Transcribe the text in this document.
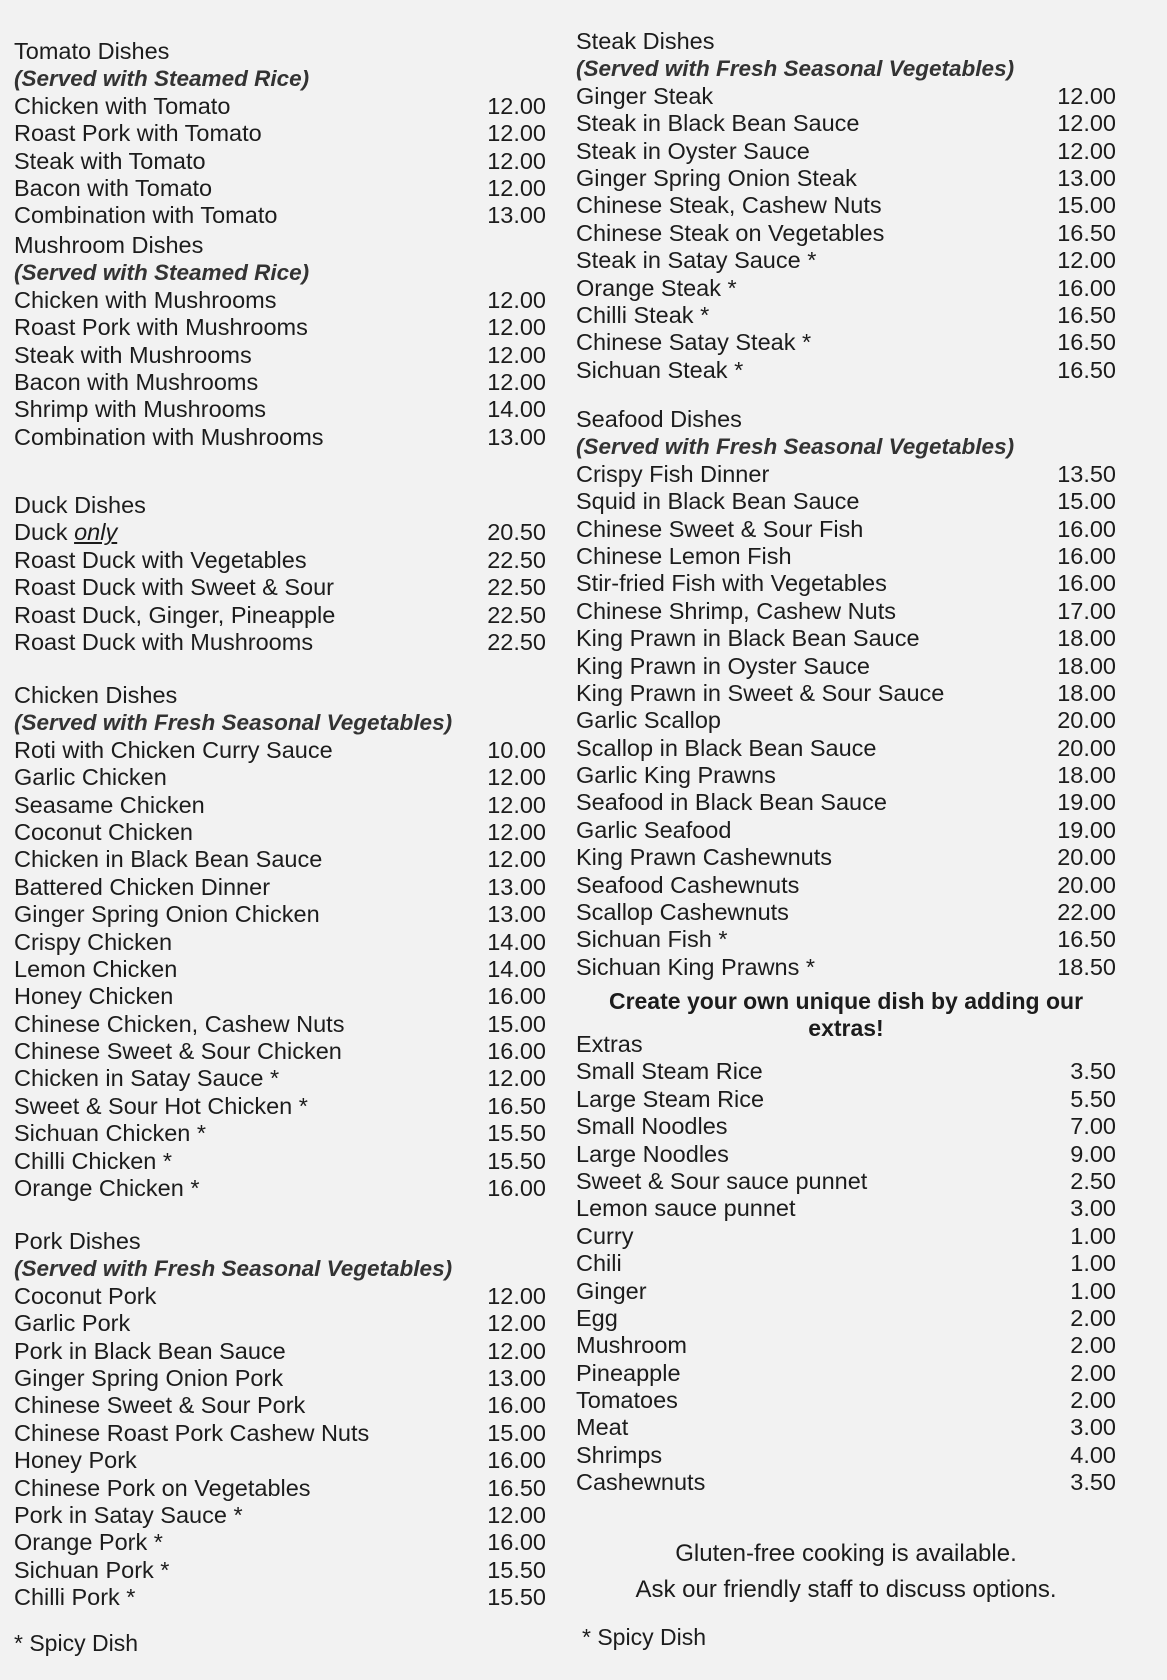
Tomato Dishes
(Served with Steamed Rice)
Chicken with Tomato	12.00
Roast Pork with Tomato	12.00
Steak with Tomato	12.00
Bacon with Tomato	12.00
Combination with Tomato	13.00
Mushroom Dishes
(Served with Steamed Rice)
Chicken with Mushrooms	12.00
Roast Pork with Mushrooms	12.00
Steak with Mushrooms	12.00
Bacon with Mushrooms	12.00
Shrimp with Mushrooms	14.00
Combination with Mushrooms	13.00
Duck Dishes
Duck only	20.50
Roast Duck with Vegetables	22.50
Roast Duck with Sweet & Sour	22.50
Roast Duck, Ginger, Pineapple	22.50
Roast Duck with Mushrooms	22.50
Chicken Dishes
(Served with Fresh Seasonal Vegetables)
Roti with Chicken Curry Sauce	10.00
Garlic Chicken	12.00
Seasame Chicken	12.00
Coconut Chicken	12.00
Chicken in Black Bean Sauce	12.00
Battered Chicken Dinner	13.00
Ginger Spring Onion Chicken	13.00
Crispy Chicken	14.00
Lemon Chicken	14.00
Honey Chicken	16.00
Chinese Chicken, Cashew Nuts	15.00
Chinese Sweet & Sour Chicken	16.00
Chicken in Satay Sauce *	12.00
Sweet & Sour Hot Chicken *	16.50
Sichuan Chicken *	15.50
Chilli Chicken *	15.50
Orange Chicken *	16.00
Pork Dishes
(Served with Fresh Seasonal Vegetables)
Coconut Pork	12.00
Garlic Pork	12.00
Pork in Black Bean Sauce	12.00
Ginger Spring Onion Pork	13.00
Chinese Sweet & Sour Pork	16.00
Chinese Roast Pork Cashew Nuts	15.00
Honey Pork	16.00
Chinese Pork on Vegetables	16.50
Pork in Satay Sauce *	12.00
Orange Pork *	16.00
Sichuan Pork *	15.50
Chilli Pork *	15.50
* Spicy Dish
Steak Dishes
(Served with Fresh Seasonal Vegetables)
Ginger Steak	12.00
Steak in Black Bean Sauce	12.00
Steak in Oyster Sauce	12.00
Ginger Spring Onion Steak	13.00
Chinese Steak, Cashew Nuts	15.00
Chinese Steak on Vegetables	16.50
Steak in Satay Sauce *	12.00
Orange Steak *	16.00
Chilli Steak *	16.50
Chinese Satay Steak *	16.50
Sichuan Steak *	16.50
Seafood Dishes
(Served with Fresh Seasonal Vegetables)
Crispy Fish Dinner	13.50
Squid in Black Bean Sauce	15.00
Chinese Sweet & Sour Fish	16.00
Chinese Lemon Fish	16.00
Stir-fried Fish with Vegetables	16.00
Chinese Shrimp, Cashew Nuts	17.00
King Prawn in Black Bean Sauce	18.00
King Prawn in Oyster Sauce	18.00
King Prawn in Sweet & Sour Sauce	18.00
Garlic Scallop	20.00
Scallop in Black Bean Sauce	20.00
Garlic King Prawns	18.00
Seafood in Black Bean Sauce	19.00
Garlic Seafood	19.00
King Prawn Cashewnuts	20.00
Seafood Cashewnuts	20.00
Scallop Cashewnuts	22.00
Sichuan Fish *	16.50
Sichuan King Prawns *	18.50
Create your own unique dish by adding our extras!
Extras
Small Steam Rice	3.50
Large Steam Rice	5.50
Small Noodles	7.00
Large Noodles	9.00
Sweet & Sour sauce punnet	2.50
Lemon sauce punnet	3.00
Curry	1.00
Chili	1.00
Ginger	1.00
Egg	2.00
Mushroom	2.00
Pineapple	2.00
Tomatoes	2.00
Meat	3.00
Shrimps	4.00
Cashewnuts	3.50
Gluten-free cooking is available.
Ask our friendly staff to discuss options.
* Spicy Dish
